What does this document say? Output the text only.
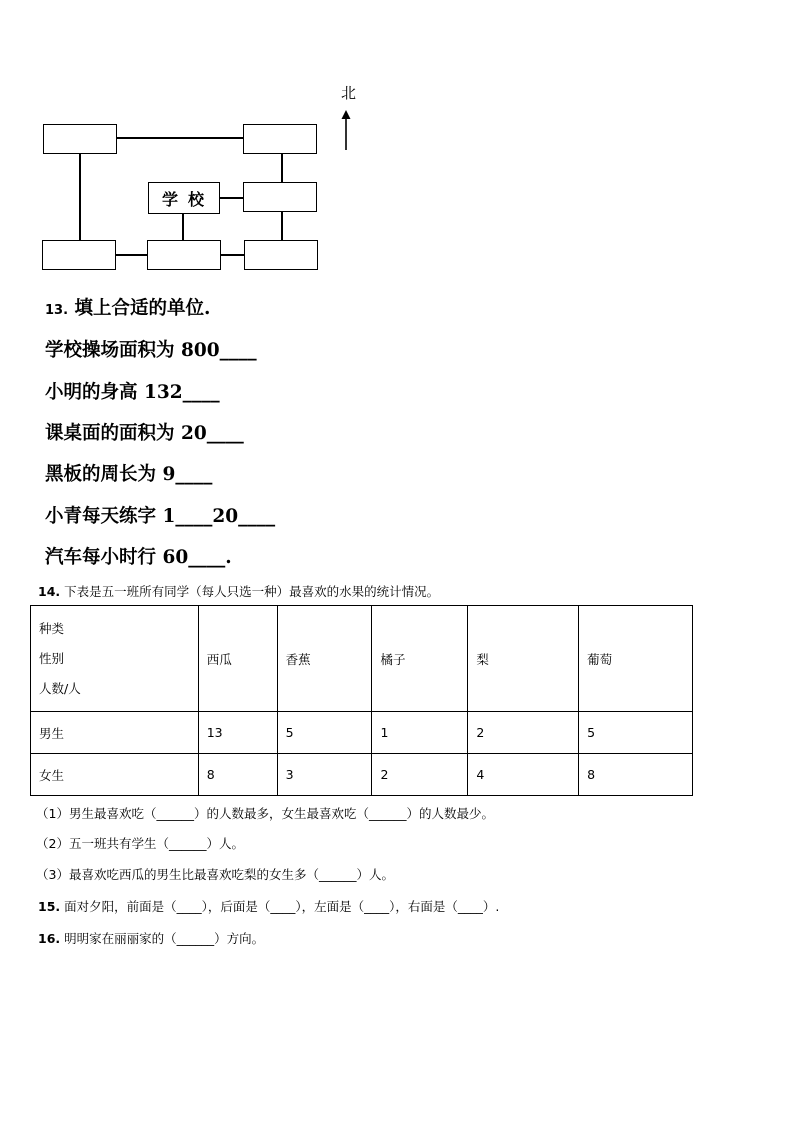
学校
北
13. 填上合适的单位.
学校操场面积为 800____
小明的身高 132____
课桌面的面积为 20____
黑板的周长为 9____
小青每天练字 1____20____
汽车每小时行 60____.
14. 下表是五一班所有同学（每人只选一种）最喜欢的水果的统计情况。
种类
性别
人数/人	西瓜	香蕉	橘子	梨	葡萄
男生	13	5	1	2	5
女生	8	3	2	4	8
（1）男生最喜欢吃（______）的人数最多，女生最喜欢吃（______）的人数最少。
（2）五一班共有学生（______）人。
（3）最喜欢吃西瓜的男生比最喜欢吃梨的女生多（______）人。
15. 面对夕阳，前面是（____），后面是（____），左面是（____），右面是（____）.
16. 明明家在丽丽家的（______）方向。
